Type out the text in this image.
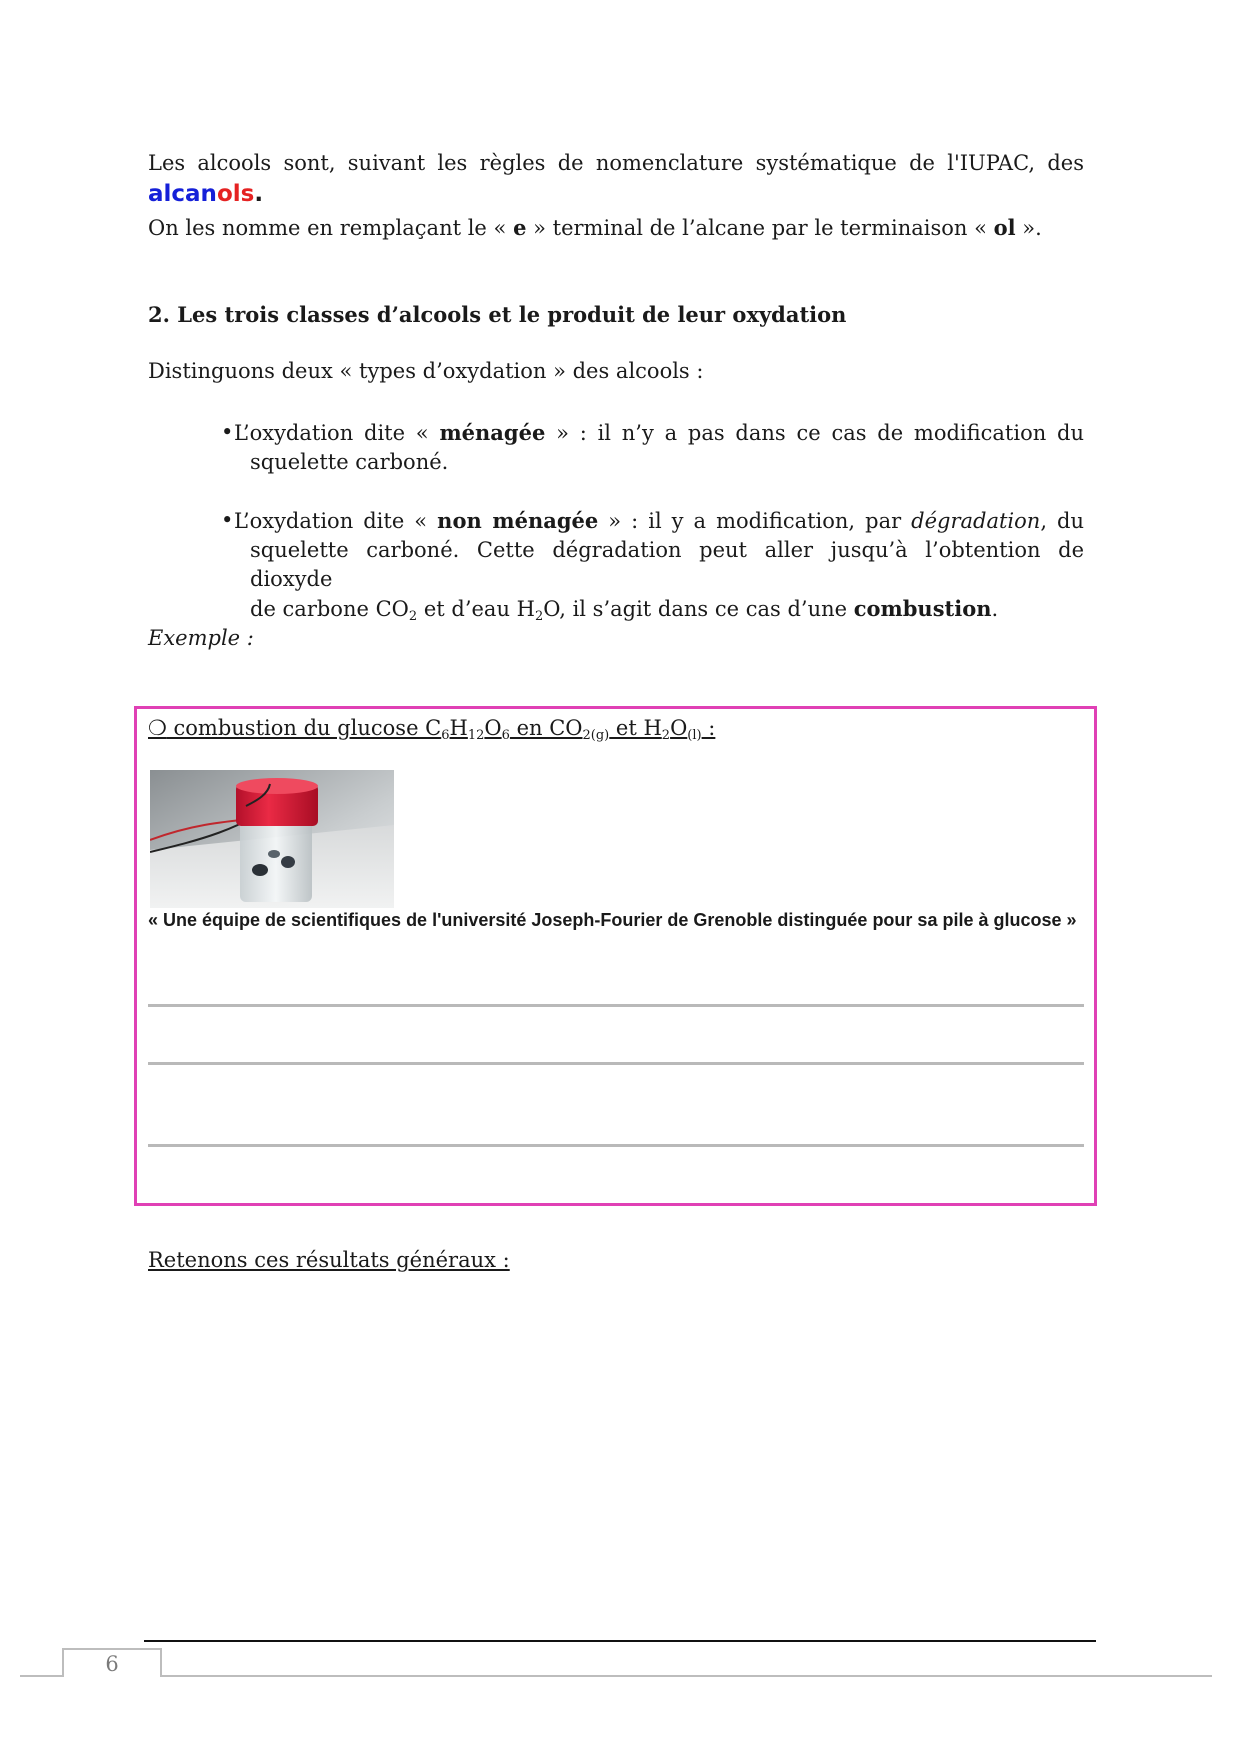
Les alcools sont, suivant les règles de nomenclature systématique de l'IUPAC, des
alcanols.
On les nomme en remplaçant le « e » terminal de l’alcane par le terminaison « ol ».
2. Les trois classes d’alcools et le produit de leur oxydation
Distinguons deux « types d’oxydation » des alcools :
• L’oxydation dite « ménagée » : il n’y a pas dans ce cas de modification du
squelette carboné.
• L’oxydation dite « non ménagée » : il y a modification, par dégradation, du
squelette carboné. Cette dégradation peut aller jusqu’à l’obtention de dioxyde
de carbone $CO_2$ et d’eau $H_2O$, il s’agit dans ce cas d’une combustion.
Exemple :
❍ combustion du glucose $C_6H_{12}O_6$ en $CO_{2(g)}$ et $H_2O_{(l)}$ :
« Une équipe de scientifiques de l'université Joseph-Fourier de Grenoble distinguée pour sa pile à glucose »
Retenons ces résultats généraux :
6
